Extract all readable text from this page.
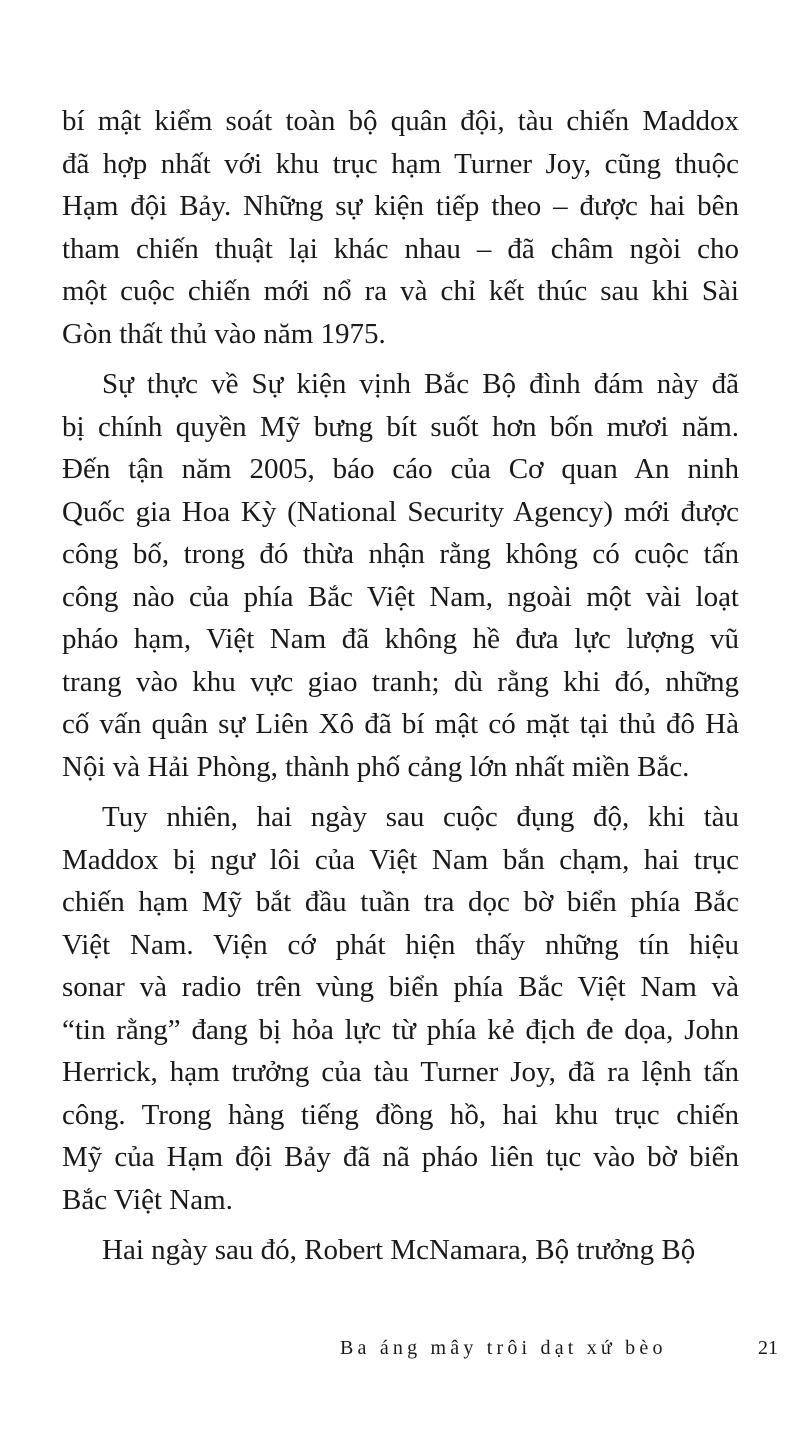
bí mật kiểm soát toàn bộ quân đội, tàu chiến Maddox
đã hợp nhất với khu trục hạm Turner Joy, cũng thuộc
Hạm đội Bảy. Những sự kiện tiếp theo – được hai bên
tham chiến thuật lại khác nhau – đã châm ngòi cho
một cuộc chiến mới nổ ra và chỉ kết thúc sau khi Sài
Gòn thất thủ vào năm 1975.
Sự thực về Sự kiện vịnh Bắc Bộ đình đám này đã
bị chính quyền Mỹ bưng bít suốt hơn bốn mươi năm.
Đến tận năm 2005, báo cáo của Cơ quan An ninh
Quốc gia Hoa Kỳ (National Security Agency) mới được
công bố, trong đó thừa nhận rằng không có cuộc tấn
công nào của phía Bắc Việt Nam, ngoài một vài loạt
pháo hạm, Việt Nam đã không hề đưa lực lượng vũ
trang vào khu vực giao tranh; dù rằng khi đó, những
cố vấn quân sự Liên Xô đã bí mật có mặt tại thủ đô Hà
Nội và Hải Phòng, thành phố cảng lớn nhất miền Bắc.
Tuy nhiên, hai ngày sau cuộc đụng độ, khi tàu
Maddox bị ngư lôi của Việt Nam bắn chạm, hai trục
chiến hạm Mỹ bắt đầu tuần tra dọc bờ biển phía Bắc
Việt Nam. Viện cớ phát hiện thấy những tín hiệu
sonar và radio trên vùng biển phía Bắc Việt Nam và
“tin rằng” đang bị hỏa lực từ phía kẻ địch đe dọa, John
Herrick, hạm trưởng của tàu Turner Joy, đã ra lệnh tấn
công. Trong hàng tiếng đồng hồ, hai khu trục chiến
Mỹ của Hạm đội Bảy đã nã pháo liên tục vào bờ biển
Bắc Việt Nam.
Hai ngày sau đó, Robert McNamara, Bộ trưởng Bộ
Ba áng mây trôi dạt xứ bèo	21
